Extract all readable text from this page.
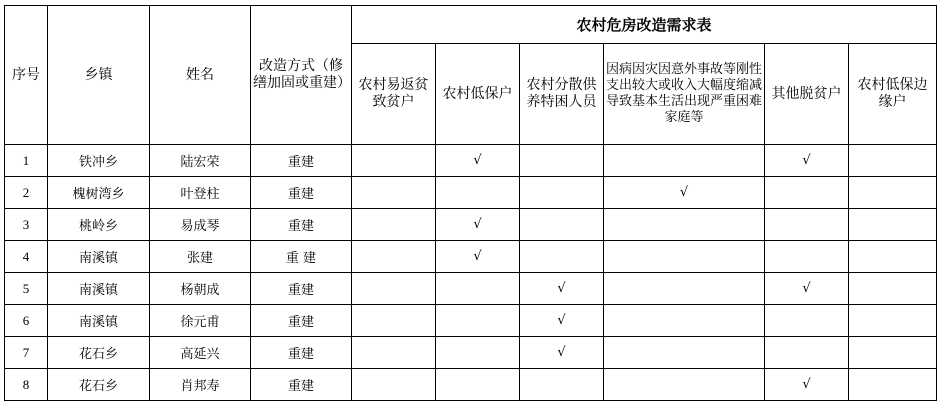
序号	乡镇	姓名	改造方式（修缮加固或重建）	农村危房改造需求表					
				农村易返贫致贫户	农村低保户	农村分散供养特困人员	因病因灾因意外事故等刚性支出较大或收入大幅度缩减导致基本生活出现严重困难家庭等	其他脱贫户	农村低保边缘户
1	铁冲乡	陆宏荣	重建		√			√	
2	槐树湾乡	叶登柱	重建				√		
3	桃岭乡	易成琴	重建		√				
4	南溪镇	张建	重 建		√				
5	南溪镇	杨朝成	重建			√		√	
6	南溪镇	徐元甫	重建			√			
7	花石乡	高延兴	重建			√			
8	花石乡	肖邦寿	重建					√	
